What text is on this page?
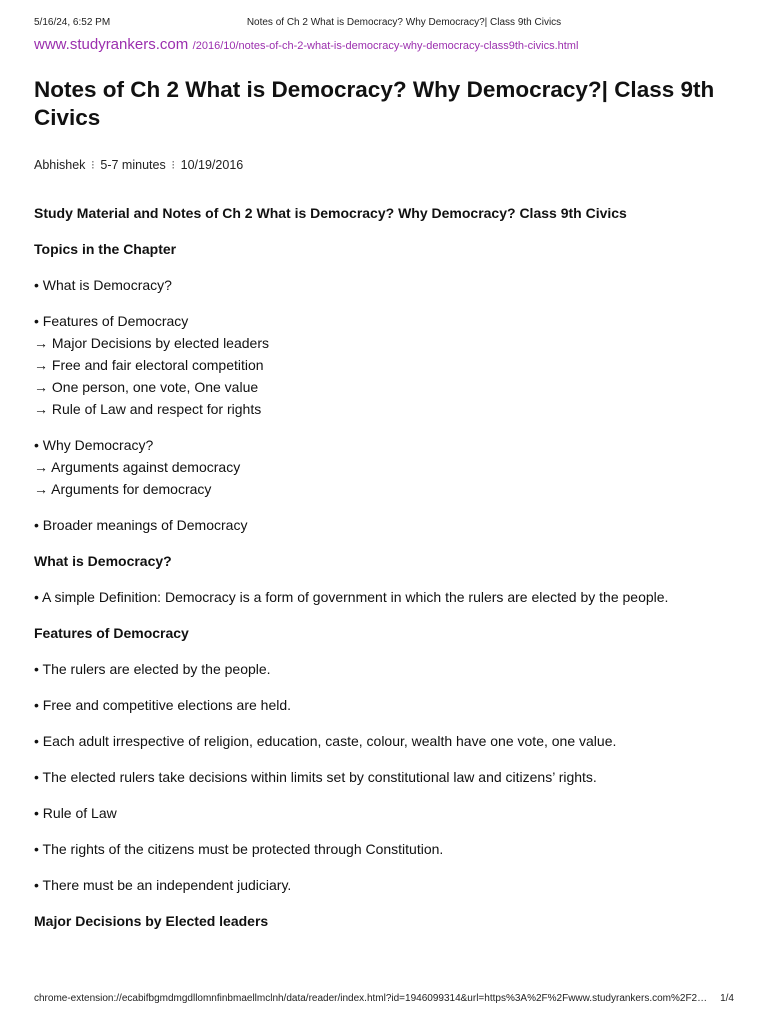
5/16/24, 6:52 PM	Notes of Ch 2 What is Democracy? Why Democracy?| Class 9th Civics
www.studyrankers.com /2016/10/notes-of-ch-2-what-is-democracy-why-democracy-class9th-civics.html
Notes of Ch 2 What is Democracy? Why Democracy?| Class 9th Civics
Abhishek ⁝ 5-7 minutes ⁝ 10/19/2016

Study Material and Notes of Ch 2 What is Democracy? Why Democracy? Class 9th Civics

Topics in the Chapter

• What is Democracy?

• Features of Democracy
→ Major Decisions by elected leaders
→ Free and fair electoral competition
→ One person, one vote, One value
→ Rule of Law and respect for rights

• Why Democracy?
→ Arguments against democracy
→ Arguments for democracy

• Broader meanings of Democracy

What is Democracy?

• A simple Definition: Democracy is a form of government in which the rulers are elected by the people.

Features of Democracy

• The rulers are elected by the people.

• Free and competitive elections are held.

• Each adult irrespective of religion, education, caste, colour, wealth have one vote, one value.

• The elected rulers take decisions within limits set by constitutional law and citizens’ rights.

• Rule of Law

• The rights of the citizens must be protected through Constitution.

• There must be an independent judiciary.

Major Decisions by Elected leaders

chrome-extension://ecabifbgmdmgdllomnfinbmaellmclnh/data/reader/index.html?id=1946099314&url=https%3A%2F%2Fwww.studyrankers.com%2F2…	1/4
